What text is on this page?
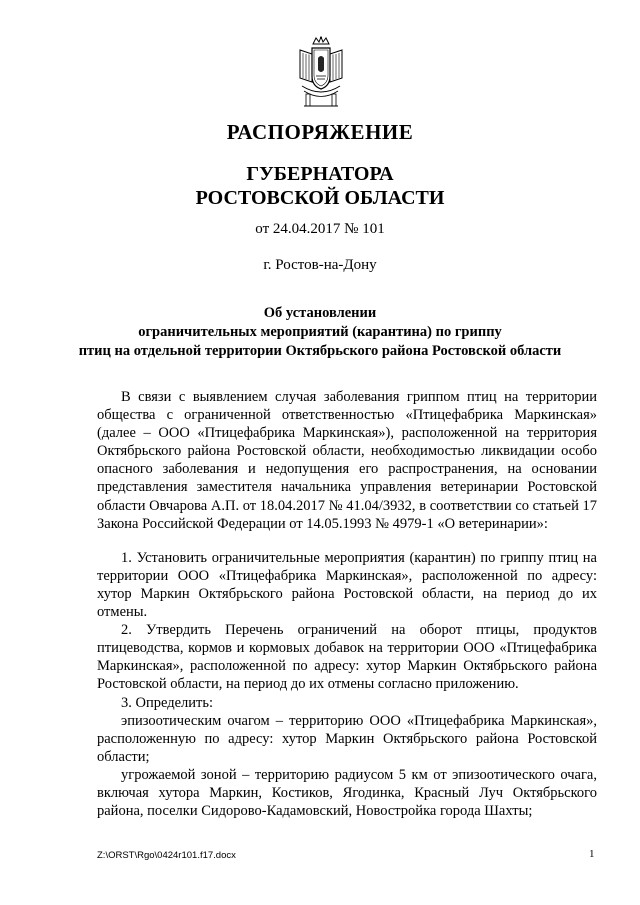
РАСПОРЯЖЕНИЕ
ГУБЕРНАТОРА
РОСТОВСКОЙ ОБЛАСТИ
от 24.04.2017 № 101
г. Ростов-на-Дону
Об установлении
ограничительных мероприятий (карантина) по гриппу
птиц на отдельной территории Октябрьского района Ростовской области

В связи с выявлением случая заболевания гриппом птиц на территории общества с ограниченной ответственностью «Птицефабрика Маркинская» (далее – ООО «Птицефабрика Маркинская»), расположенной на территория Октябрьского района Ростовской области, необходимостью ликвидации особо опасного заболевания и недопущения его распространения, на основании представления заместителя начальника управления ветеринарии Ростовской области Овчарова А.П. от 18.04.2017 № 41.04/3932, в соответствии со статьей 17 Закона Российской Федерации от 14.05.1993 № 4979-1 «О ветеринарии»:

1. Установить ограничительные мероприятия (карантин) по гриппу птиц на территории ООО «Птицефабрика Маркинская», расположенной по адресу: хутор Маркин Октябрьского района Ростовской области, на период до их отмены.

2. Утвердить Перечень ограничений на оборот птицы, продуктов птицеводства, кормов и кормовых добавок на территории ООО «Птицефабрика Маркинская», расположенной по адресу: хутор Маркин Октябрьского района Ростовской области, на период до их отмены согласно приложению.

3. Определить:

эпизоотическим очагом – территорию ООО «Птицефабрика Маркинская», расположенную по адресу: хутор Маркин Октябрьского района Ростовской области;

угрожаемой зоной – территорию радиусом 5 км от эпизоотического очага, включая хутора Маркин, Костиков, Ягодинка, Красный Луч Октябрьского района, поселки Сидорово-Кадамовский, Новостройка города Шахты;

Z:\ORST\Rgo\0424r101.f17.docx	1
